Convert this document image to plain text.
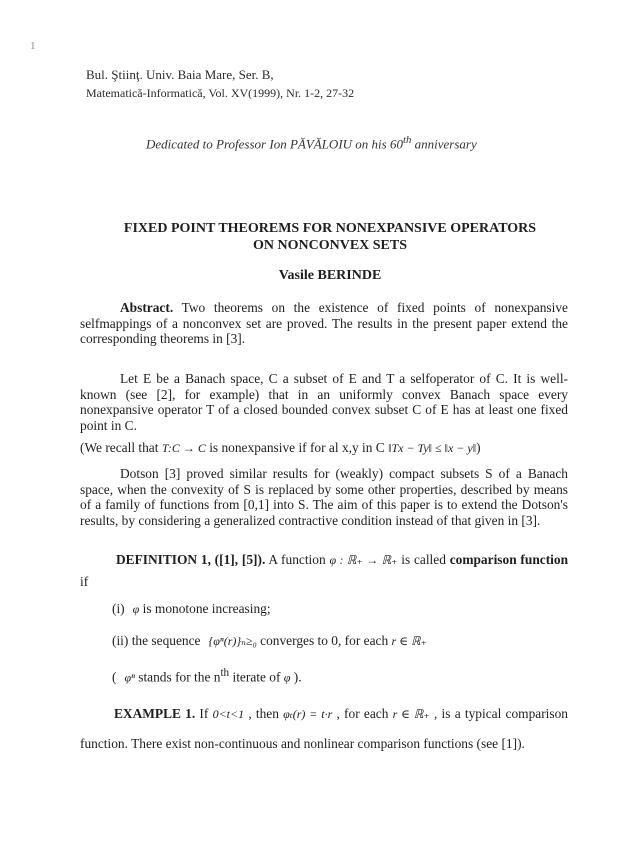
1
Bul. Ştiinţ. Univ. Baia Mare, Ser. B,
Matematică-Informatică, Vol. XV(1999), Nr. 1-2, 27-32
Dedicated to Professor Ion PĂVĂLOIU on his 60th anniversary
FIXED POINT THEOREMS FOR NONEXPANSIVE OPERATORS
ON NONCONVEX SETS
Vasile BERINDE
Abstract. Two theorems on the existence of fixed points of nonexpansive selfmappings of a nonconvex set are proved. The results in the present paper extend the corresponding theorems in [3].
Let E be a Banach space, C a subset of E and T a selfoperator of C. It is well-known (see [2], for example) that in an uniformly convex Banach space every nonexpansive operator T of a closed bounded convex subset C of E has at least one fixed point in C.
(We recall that T:C → C is nonexpansive if for al x,y in C ‖Tx − Ty‖ ≤ ‖x − y‖)
Dotson [3] proved similar results for (weakly) compact subsets S of a Banach space, when the convexity of S is replaced by some other properties, described by means of a family of functions from [0,1] into S. The aim of this paper is to extend the Dotson's results, by considering a generalized contractive condition instead of that given in [3].
DEFINITION 1, ([1], [5]). A function φ : ℝ₊ → ℝ₊ is called comparison function if
(i) φ is monotone increasing;
(ii) the sequence {φⁿ(r)}ₙ≥₀ converges to 0, for each r ∈ ℝ₊
( φⁿ stands for the $n^{th}$ iterate of φ ).
EXAMPLE 1. If 0<t<1 , then φₜ(r) = t·r , for each r ∈ ℝ₊ , is a typical comparison function. There exist non-continuous and nonlinear comparison functions (see [1]).
